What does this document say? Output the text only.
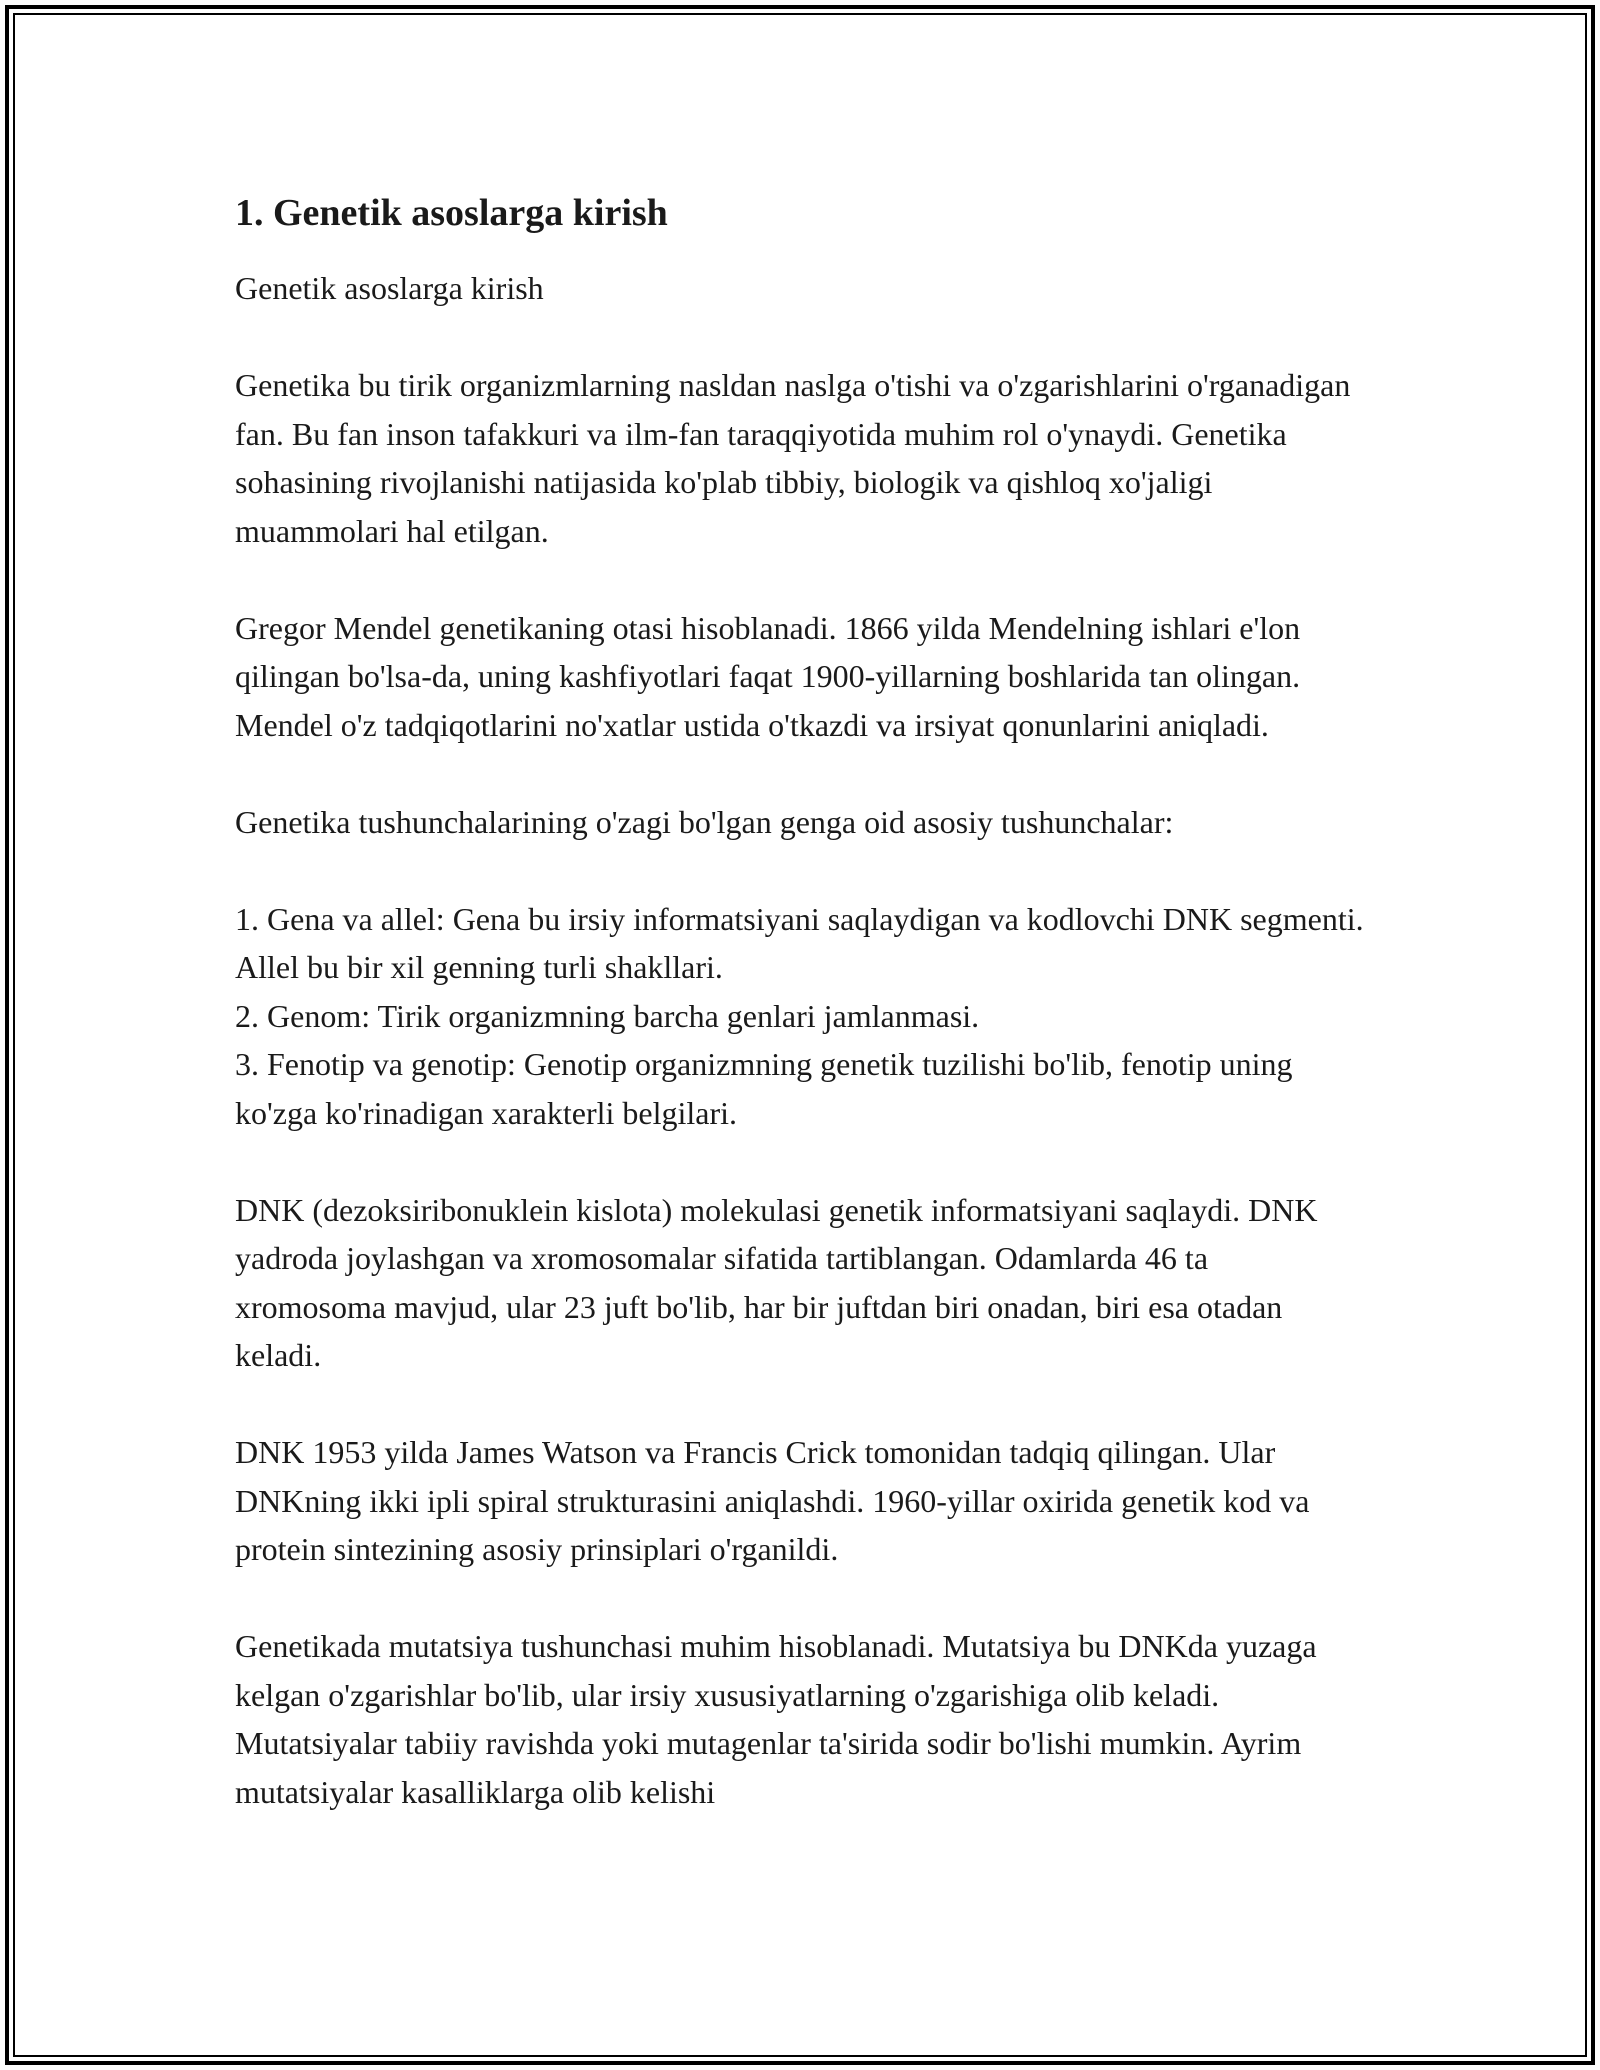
1. Genetik asoslarga kirish

Genetik asoslarga kirish

Genetika bu tirik organizmlarning nasldan naslga o'tishi va o'zgarishlarini o'rganadigan fan. Bu fan inson tafakkuri va ilm-fan taraqqiyotida muhim rol o'ynaydi. Genetika sohasining rivojlanishi natijasida ko'plab tibbiy, biologik va qishloq xo'jaligi muammolari hal etilgan.

Gregor Mendel genetikaning otasi hisoblanadi. 1866 yilda Mendelning ishlari e'lon qilingan bo'lsa-da, uning kashfiyotlari faqat 1900-yillarning boshlarida tan olingan. Mendel o'z tadqiqotlarini no'xatlar ustida o'tkazdi va irsiyat qonunlarini aniqladi.

Genetika tushunchalarining o'zagi bo'lgan genga oid asosiy tushunchalar:

1. Gena va allel: Gena bu irsiy informatsiyani saqlaydigan va kodlovchi DNK segmenti. Allel bu bir xil genning turli shakllari.
2. Genom: Tirik organizmning barcha genlari jamlanmasi.
3. Fenotip va genotip: Genotip organizmning genetik tuzilishi bo'lib, fenotip uning ko'zga ko'rinadigan xarakterli belgilari.

DNK (dezoksiribonuklein kislota) molekulasi genetik informatsiyani saqlaydi. DNK yadroda joylashgan va xromosomalar sifatida tartiblangan. Odamlarda 46 ta xromosoma mavjud, ular 23 juft bo'lib, har bir juftdan biri onadan, biri esa otadan keladi.

DNK 1953 yilda James Watson va Francis Crick tomonidan tadqiq qilingan. Ular DNKning ikki ipli spiral strukturasini aniqlashdi. 1960-yillar oxirida genetik kod va protein sintezining asosiy prinsiplari o'rganildi.

Genetikada mutatsiya tushunchasi muhim hisoblanadi. Mutatsiya bu DNKda yuzaga kelgan o'zgarishlar bo'lib, ular irsiy xususiyatlarning o'zgarishiga olib keladi. Mutatsiyalar tabiiy ravishda yoki mutagenlar ta'sirida sodir bo'lishi mumkin. Ayrim mutatsiyalar kasalliklarga olib kelishi
